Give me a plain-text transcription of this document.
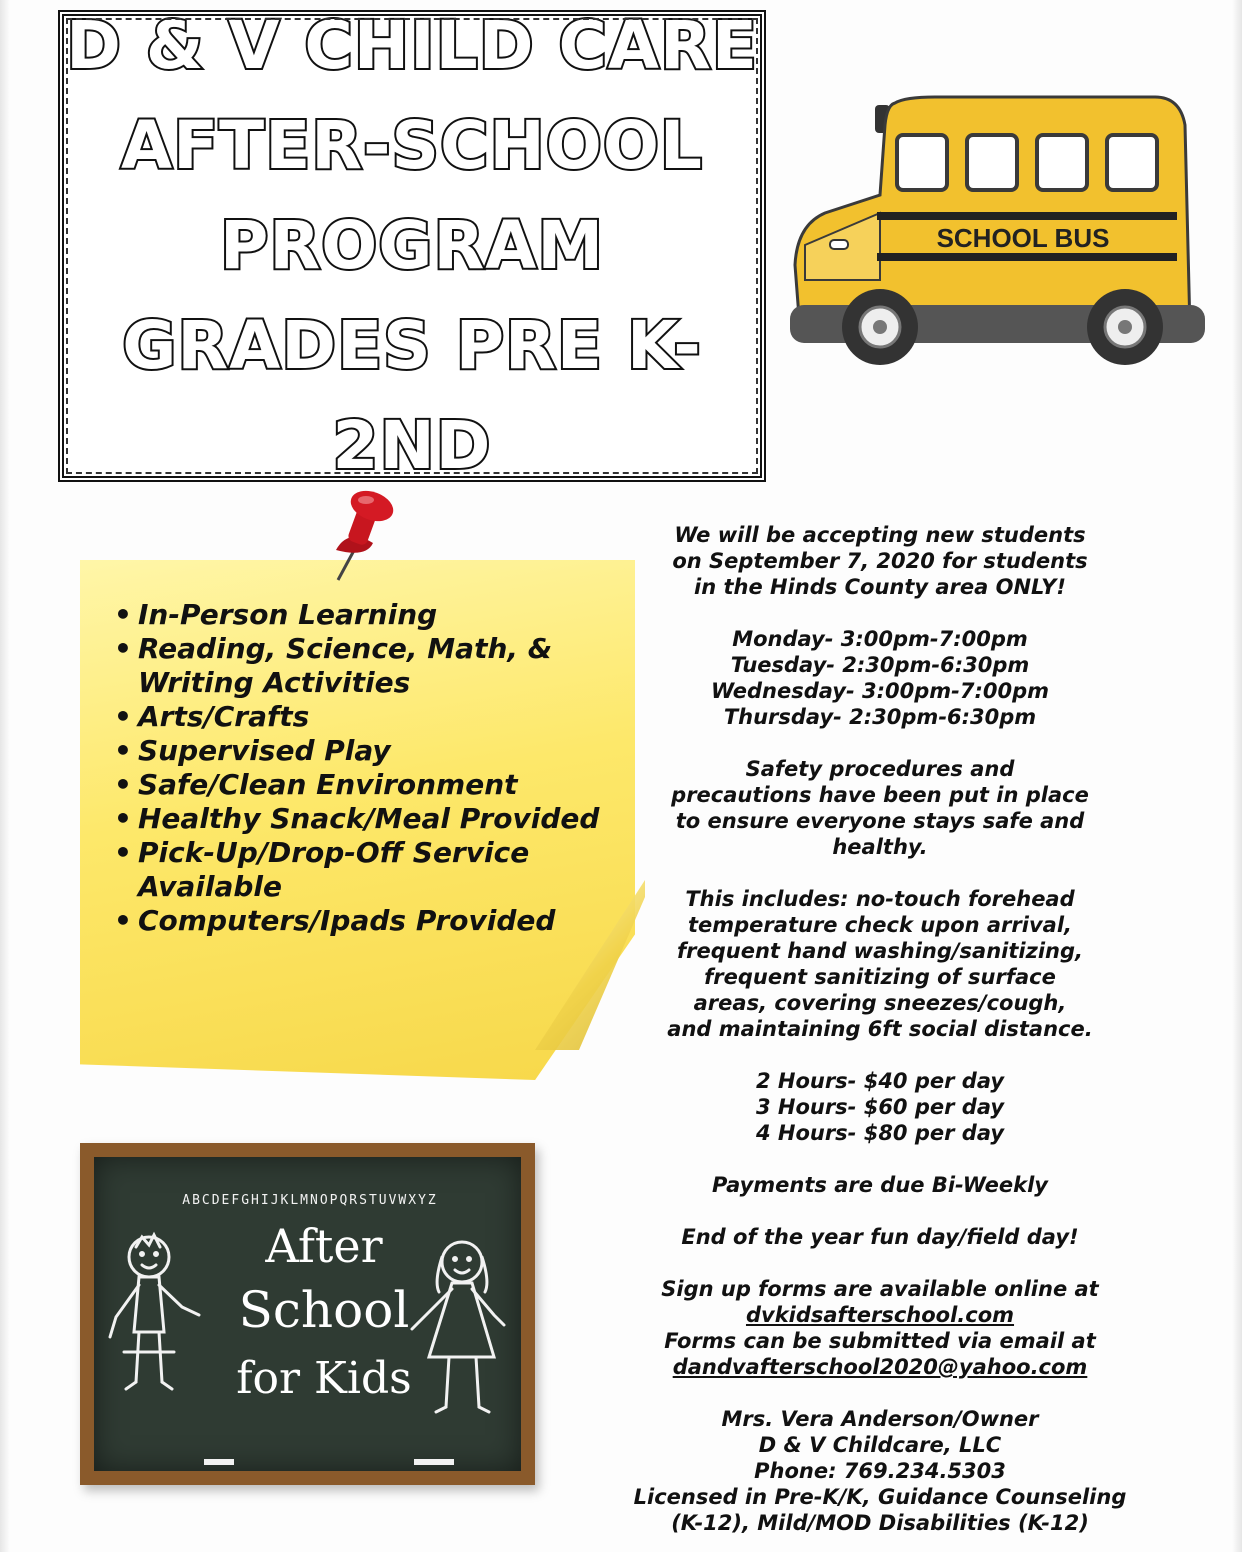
D & V CHILD CARE
AFTER-SCHOOL
PROGRAM
GRADES PRE K-2ND
SCHOOL BUS
• In-Person Learning
• Reading, Science, Math, & Writing Activities
• Arts/Crafts
• Supervised Play
• Safe/Clean Environment
• Healthy Snack/Meal Provided
• Pick-Up/Drop-Off Service Available
• Computers/Ipads Provided
ABCDEFGHIJKLMNOPQRSTUVWXYZ
After
School
for Kids

We will be accepting new students

on September 7, 2020 for students

in the Hinds County area ONLY!

Monday- 3:00pm-7:00pm

Tuesday- 2:30pm-6:30pm

Wednesday- 3:00pm-7:00pm

Thursday- 2:30pm-6:30pm

Safety procedures and

precautions have been put in place

to ensure everyone stays safe and

healthy.

This includes: no-touch forehead

temperature check upon arrival,

frequent hand washing/sanitizing,

frequent sanitizing of surface

areas, covering sneezes/cough,

and maintaining 6ft social distance.

2 Hours- $40 per day

3 Hours- $60 per day

4 Hours- $80 per day

Payments are due Bi-Weekly

End of the year fun day/field day!

Sign up forms are available online at

dvkidsafterschool.com

Forms can be submitted via email at

dandvafterschool2020@yahoo.com

Mrs. Vera Anderson/Owner

D & V Childcare, LLC

Phone: 769.234.5303

Licensed in Pre-K/K, Guidance Counseling

(K-12), Mild/MOD Disabilities (K-12)
